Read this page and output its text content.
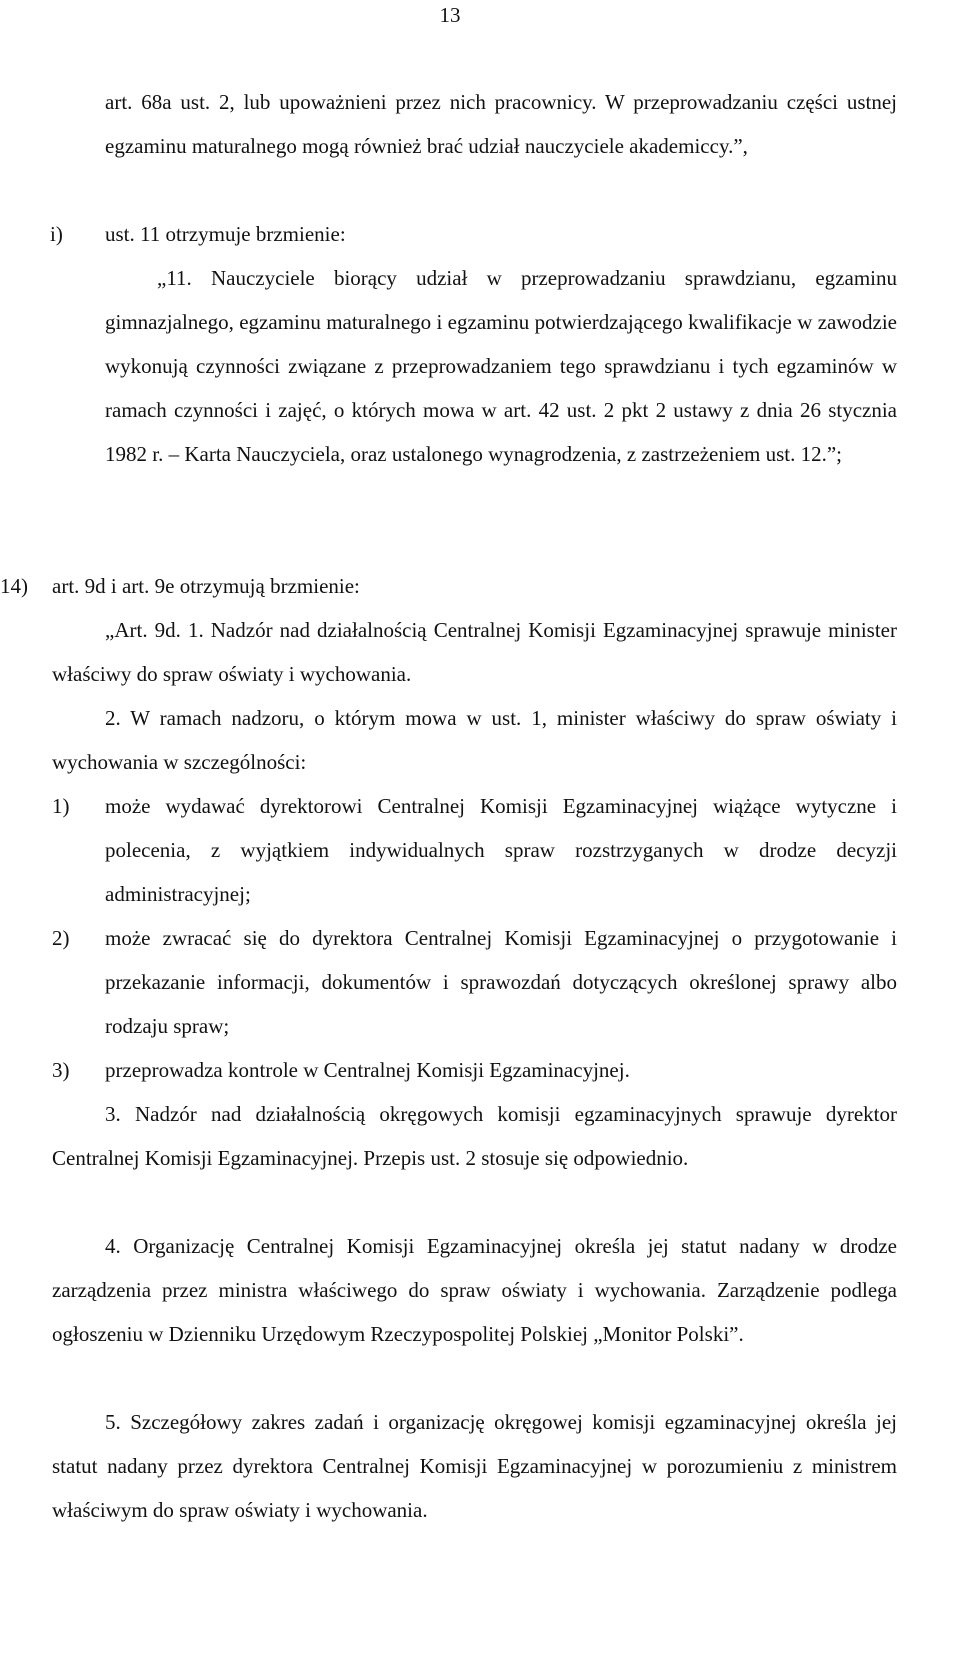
13
art. 68a ust. 2, lub upoważnieni przez nich pracownicy. W przeprowadzaniu części ustnej egzaminu maturalnego mogą również brać udział nauczyciele akademiccy.”,
i) ust. 11 otrzymuje brzmienie:
„11. Nauczyciele biorący udział w przeprowadzaniu sprawdzianu, egzaminu gimnazjalnego, egzaminu maturalnego i egzaminu potwierdzającego kwalifikacje w zawodzie wykonują czynności związane z przeprowadzaniem tego sprawdzianu i tych egzaminów w ramach czynności i zajęć, o których mowa w art. 42 ust. 2 pkt 2 ustawy z dnia 26 stycznia 1982 r. – Karta Nauczyciela, oraz ustalonego wynagrodzenia, z zastrzeżeniem ust. 12.”;
14) art. 9d i art. 9e otrzymują brzmienie:
„Art. 9d. 1. Nadzór nad działalnością Centralnej Komisji Egzaminacyjnej sprawuje minister właściwy do spraw oświaty i wychowania.
2. W ramach nadzoru, o którym mowa w ust. 1, minister właściwy do spraw oświaty i wychowania w szczególności:
1) może wydawać dyrektorowi Centralnej Komisji Egzaminacyjnej wiążące wytyczne i polecenia, z wyjątkiem indywidualnych spraw rozstrzyganych w drodze decyzji administracyjnej;
2) może zwracać się do dyrektora Centralnej Komisji Egzaminacyjnej o przygotowanie i przekazanie informacji, dokumentów i sprawozdań dotyczących określonej sprawy albo rodzaju spraw;
3) przeprowadza kontrole w Centralnej Komisji Egzaminacyjnej.
3. Nadzór nad działalnością okręgowych komisji egzaminacyjnych sprawuje dyrektor Centralnej Komisji Egzaminacyjnej. Przepis ust. 2 stosuje się odpowiednio.
4. Organizację Centralnej Komisji Egzaminacyjnej określa jej statut nadany w drodze zarządzenia przez ministra właściwego do spraw oświaty i wychowania. Zarządzenie podlega ogłoszeniu w Dzienniku Urzędowym Rzeczypospolitej Polskiej „Monitor Polski”.
5. Szczegółowy zakres zadań i organizację okręgowej komisji egzaminacyjnej określa jej statut nadany przez dyrektora Centralnej Komisji Egzaminacyjnej w porozumieniu z ministrem właściwym do spraw oświaty i wychowania.
